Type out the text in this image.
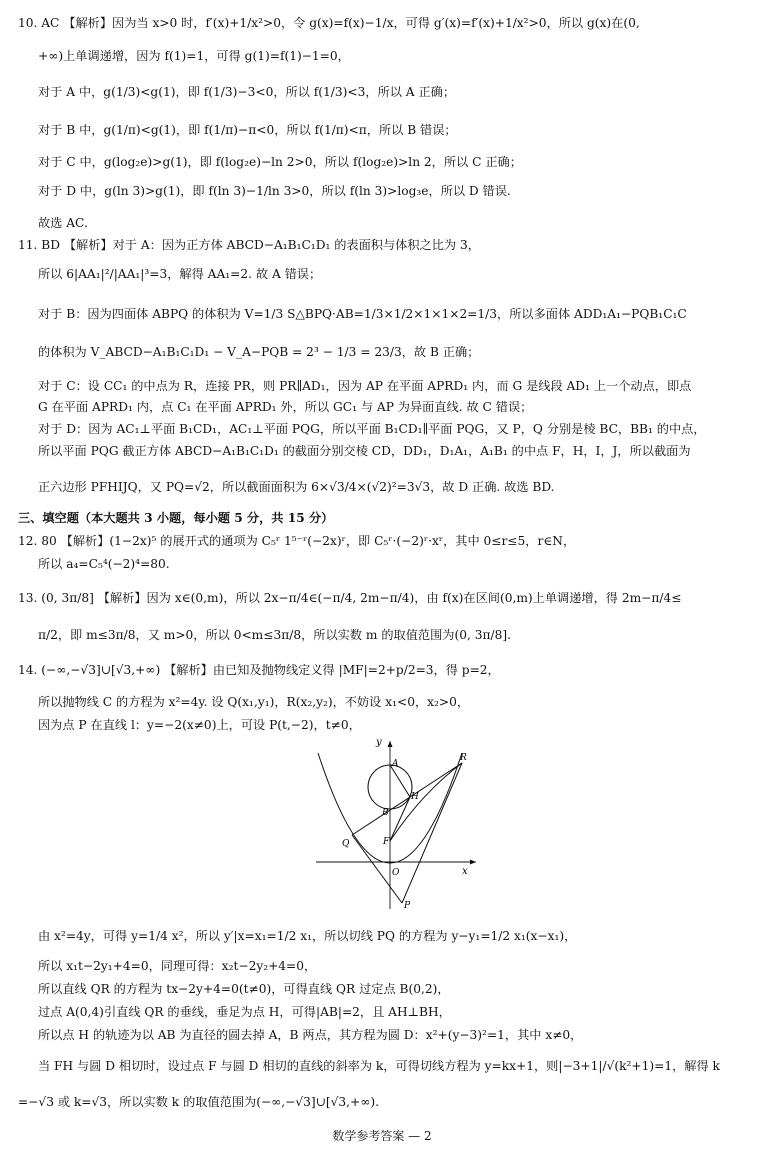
10. AC 【解析】因为当 x>0 时，f′(x)+1/x²>0，令 g(x)=f(x)−1/x，可得 g′(x)=f′(x)+1/x²>0，所以 g(x)在(0,
+∞)上单调递增，因为 f(1)=1，可得 g(1)=f(1)−1=0，
对于 A 中，g(1/3)<g(1)，即 f(1/3)−3<0，所以 f(1/3)<3，所以 A 正确；
对于 B 中，g(1/π)<g(1)，即 f(1/π)−π<0，所以 f(1/π)<π，所以 B 错误；
对于 C 中，g(log₂e)>g(1)，即 f(log₂e)−ln 2>0，所以 f(log₂e)>ln 2，所以 C 正确；
对于 D 中，g(ln 3)>g(1)，即 f(ln 3)−1/ln 3>0，所以 f(ln 3)>log₃e，所以 D 错误.
故选 AC.
11. BD 【解析】对于 A：因为正方体 ABCD−A₁B₁C₁D₁ 的表面积与体积之比为 3，
所以 6|AA₁|²/|AA₁|³=3，解得 AA₁=2. 故 A 错误；
对于 B：因为四面体 ABPQ 的体积为 V=1/3 S△BPQ·AB=1/3×1/2×1×1×2=1/3，所以多面体 ADD₁A₁−PQB₁C₁C
的体积为 V_ABCD−A₁B₁C₁D₁ − V_A−PQB = 2³ − 1/3 = 23/3，故 B 正确；
对于 C：设 CC₁ 的中点为 R，连接 PR，则 PR∥AD₁，因为 AP 在平面 APRD₁ 内，而 G 是线段 AD₁ 上一个动点，即点
G 在平面 APRD₁ 内，点 C₁ 在平面 APRD₁ 外，所以 GC₁ 与 AP 为异面直线. 故 C 错误；
对于 D：因为 AC₁⊥平面 B₁CD₁，AC₁⊥平面 PQG，所以平面 B₁CD₁∥平面 PQG，又 P，Q 分别是棱 BC，BB₁ 的中点，
所以平面 PQG 截正方体 ABCD−A₁B₁C₁D₁ 的截面分别交棱 CD，DD₁，D₁A₁，A₁B₁ 的中点 F，H，I，J，所以截面为
正六边形 PFHIJQ，又 PQ=√2，所以截面面积为 6×√3/4×(√2)²=3√3，故 D 正确. 故选 BD.
三、填空题（本大题共 3 小题，每小题 5 分，共 15 分）
12. 80 【解析】(1−2x)⁵ 的展开式的通项为 C₅ʳ 1⁵⁻ʳ(−2x)ʳ，即 C₅ʳ·(−2)ʳ·xʳ，其中 0≤r≤5，r∈N，
所以 a₄=C₅⁴(−2)⁴=80.
13. (0, 3π/8] 【解析】因为 x∈(0,m)，所以 2x−π/4∈(−π/4, 2m−π/4)，由 f(x)在区间(0,m)上单调递增，得 2m−π/4≤
π/2，即 m≤3π/8，又 m>0，所以 0<m≤3π/8，所以实数 m 的取值范围为(0, 3π/8].
14. (−∞,−√3]∪[√3,+∞) 【解析】由已知及抛物线定义得 |MF|=2+p/2=3，得 p=2，
所以抛物线 C 的方程为 x²=4y. 设 Q(x₁,y₁)，R(x₂,y₂)，不妨设 x₁<0，x₂>0，
因为点 P 在直线 l：y=−2(x≠0)上，可设 P(t,−2)，t≠0，
y
x
A
R
H
B
F
Q
O
P
由 x²=4y，可得 y=1/4 x²，所以 y′|x=x₁=1/2 x₁，所以切线 PQ 的方程为 y−y₁=1/2 x₁(x−x₁)，
所以 x₁t−2y₁+4=0，同理可得：x₂t−2y₂+4=0，
所以直线 QR 的方程为 tx−2y+4=0(t≠0)，可得直线 QR 过定点 B(0,2)，
过点 A(0,4)引直线 QR 的垂线，垂足为点 H，可得|AB|=2，且 AH⊥BH，
所以点 H 的轨迹为以 AB 为直径的圆去掉 A，B 两点，其方程为圆 D：x²+(y−3)²=1，其中 x≠0，
当 FH 与圆 D 相切时，设过点 F 与圆 D 相切的直线的斜率为 k，可得切线方程为 y=kx+1，则|−3+1|/√(k²+1)=1，解得 k
=−√3 或 k=√3，所以实数 k 的取值范围为(−∞,−√3]∪[√3,+∞).
数学参考答案 — 2
